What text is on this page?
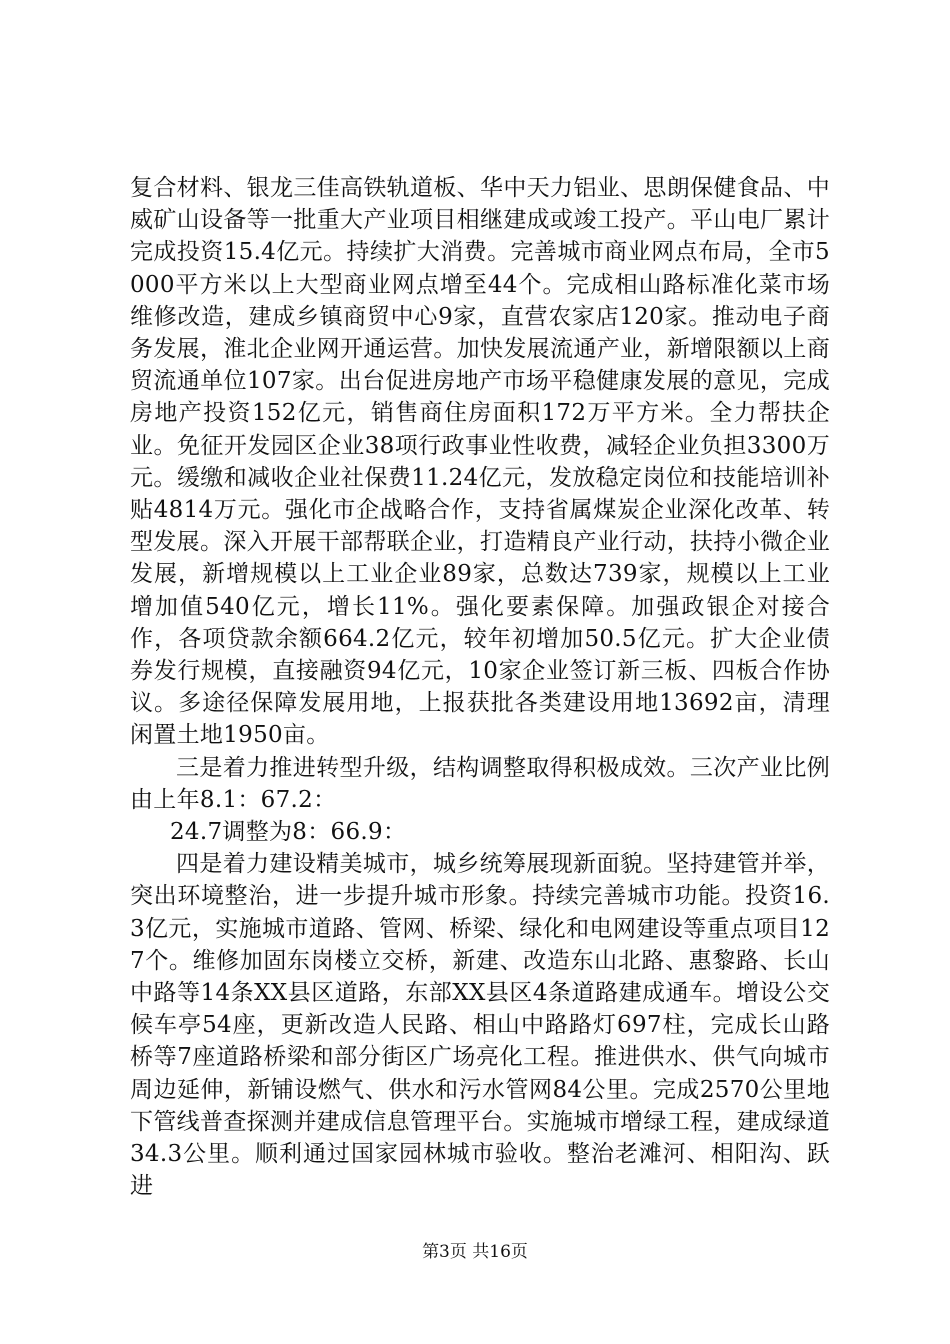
复合材料、银龙三佳高铁轨道板、华中天力铝业、思朗保健食品、中威矿山设备等一批重大产业项目相继建成或竣工投产。平山电厂累计完成投资15.4亿元。持续扩大消费。完善城市商业网点布局，全市5000平方米以上大型商业网点增至44个。完成相山路标准化菜市场维修改造，建成乡镇商贸中心9家，直营农家店120家。推动电子商务发展，淮北企业网开通运营。加快发展流通产业，新增限额以上商贸流通单位107家。出台促进房地产市场平稳健康发展的意见，完成房地产投资152亿元，销售商住房面积172万平方米。全力帮扶企业。免征开发园区企业38项行政事业性收费，减轻企业负担3300万元。缓缴和减收企业社保费11.24亿元，发放稳定岗位和技能培训补贴4814万元。强化市企战略合作，支持省属煤炭企业深化改革、转型发展。深入开展干部帮联企业，打造精良产业行动，扶持小微企业发展，新增规模以上工业企业89家，总数达739家，规模以上工业增加值540亿元，增长11%。强化要素保障。加强政银企对接合作，各项贷款余额664.2亿元，较年初增加50.5亿元。扩大企业债券发行规模，直接融资94亿元，10家企业签订新三板、四板合作协议。多途径保障发展用地，上报获批各类建设用地13692亩，清理闲置土地1950亩。

三是着力推进转型升级，结构调整取得积极成效。三次产业比例由上年8.1：67.2：

24.7调整为8：66.9：

四是着力建设精美城市，城乡统筹展现新面貌。坚持建管并举，突出环境整治，进一步提升城市形象。持续完善城市功能。投资16.3亿元，实施城市道路、管网、桥梁、绿化和电网建设等重点项目127个。维修加固东岗楼立交桥，新建、改造东山北路、惠黎路、长山中路等14条XX县区道路，东部XX县区4条道路建成通车。增设公交候车亭54座，更新改造人民路、相山中路路灯697柱，完成长山路桥等7座道路桥梁和部分街区广场亮化工程。推进供水、供气向城市周边延伸，新铺设燃气、供水和污水管网84公里。完成2570公里地下管线普查探测并建成信息管理平台。实施城市增绿工程，建成绿道34.3公里。顺利通过国家园林城市验收。整治老滩河、相阳沟、跃进

第3页 共16页
